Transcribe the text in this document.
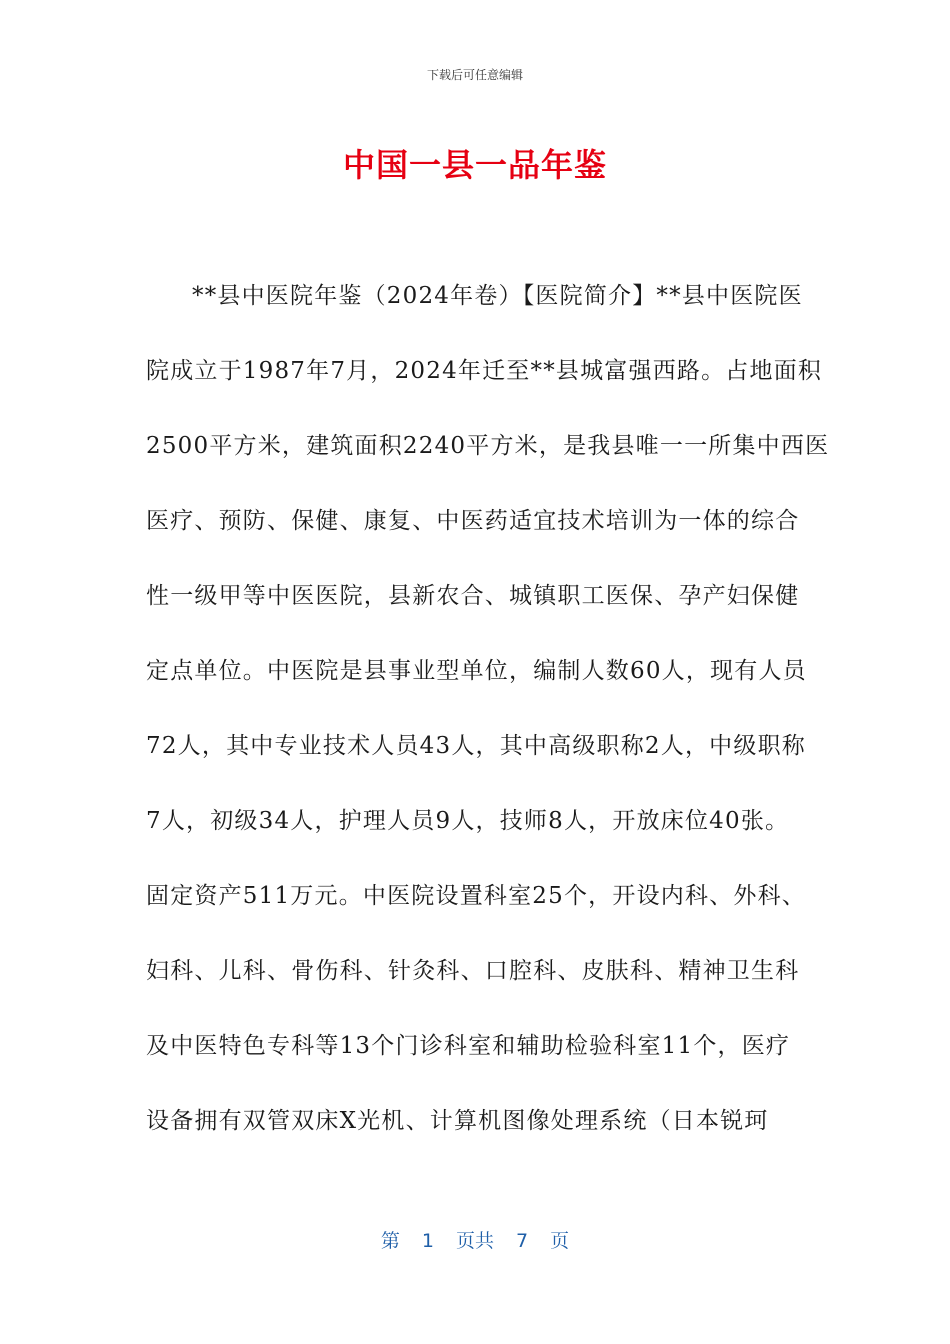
下载后可任意编辑
中国一县一品年鉴
**县中医院年鉴（2024年卷）【医院简介】**县中医院医
院成立于1987年7月，2024年迁至**县城富强西路。占地面积
2500平方米，建筑面积2240平方米，是我县唯一一所集中西医
医疗、预防、保健、康复、中医药适宜技术培训为一体的综合
性一级甲等中医医院，县新农合、城镇职工医保、孕产妇保健
定点单位。中医院是县事业型单位，编制人数60人，现有人员
72人，其中专业技术人员43人，其中高级职称2人，中级职称
7人，初级34人，护理人员9人，技师8人，开放床位40张。
固定资产511万元。中医院设置科室25个，开设内科、外科、
妇科、儿科、骨伤科、针灸科、口腔科、皮肤科、精神卫生科
及中医特色专科等13个门诊科室和辅助检验科室11个，医疗
设备拥有双管双床X光机、计算机图像处理系统（日本锐珂
第 1 页共 7 页
